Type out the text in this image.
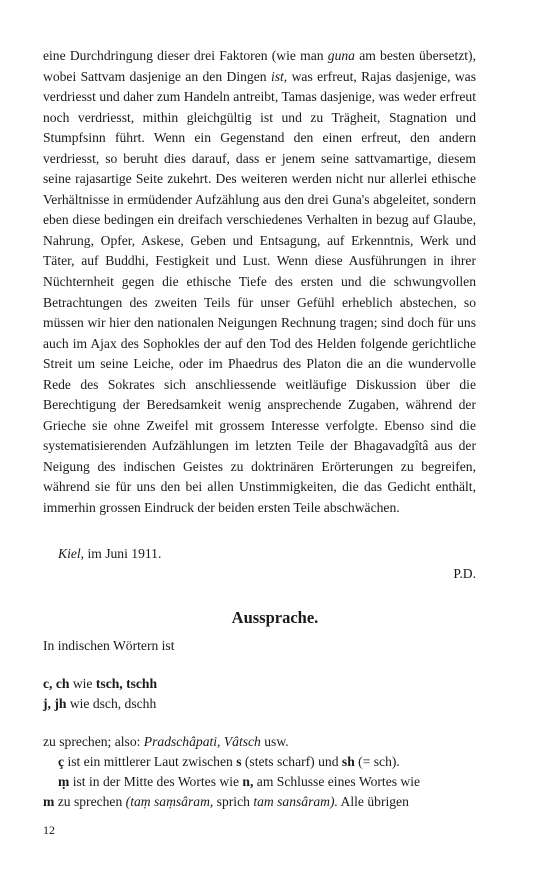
eine Durchdringung dieser drei Faktoren (wie man guna am besten übersetzt), wobei Sattvam dasjenige an den Dingen ist, was erfreut, Rajas dasjenige, was verdriesst und daher zum Handeln antreibt, Tamas dasjenige, was weder erfreut noch verdriesst, mithin gleichgültig ist und zu Trägheit, Stagnation und Stumpfsinn führt. Wenn ein Gegenstand den einen erfreut, den andern verdriesst, so beruht dies darauf, dass er jenem seine sattvamartige, diesem seine rajasartige Seite zukehrt. Des weiteren werden nicht nur allerlei ethische Verhältnisse in ermüdender Aufzählung aus den drei Guna's abgeleitet, sondern eben diese bedingen ein dreifach verschiedenes Verhalten in bezug auf Glaube, Nahrung, Opfer, Askese, Geben und Entsagung, auf Erkenntnis, Werk und Täter, auf Buddhi, Festigkeit und Lust. Wenn diese Ausführungen in ihrer Nüchternheit gegen die ethische Tiefe des ersten und die schwungvollen Betrachtungen des zweiten Teils für unser Gefühl erheblich abstechen, so müssen wir hier den nationalen Neigungen Rechnung tragen; sind doch für uns auch im Ajax des Sophokles der auf den Tod des Helden folgende gerichtliche Streit um seine Leiche, oder im Phaedrus des Platon die an die wundervolle Rede des Sokrates sich anschliessende weitläufige Diskussion über die Berechtigung der Beredsamkeit wenig ansprechende Zugaben, während der Grieche sie ohne Zweifel mit grossem Interesse verfolgte. Ebenso sind die systematisierenden Aufzählungen im letzten Teile der Bhagavadgîtâ aus der Neigung des indischen Geistes zu doktrinären Erörterungen zu begreifen, während sie für uns den bei allen Unstimmigkeiten, die das Gedicht enthält, immerhin grossen Eindruck der beiden ersten Teile abschwächen.

Kiel, im Juni 1911.

P.D.

Aussprache.

In indischen Wörtern ist

c, ch wie tsch, tschh

j, jh wie dsch, dschh

zu sprechen; also: Pradschâpati, Vâtsch usw.

ç ist ein mittlerer Laut zwischen s (stets scharf) und sh (= sch).

ṃ ist in der Mitte des Wortes wie n, am Schlusse eines Wortes wie

m zu sprechen (taṃ saṃsâram, sprich tam sansâram). Alle übrigen

12
